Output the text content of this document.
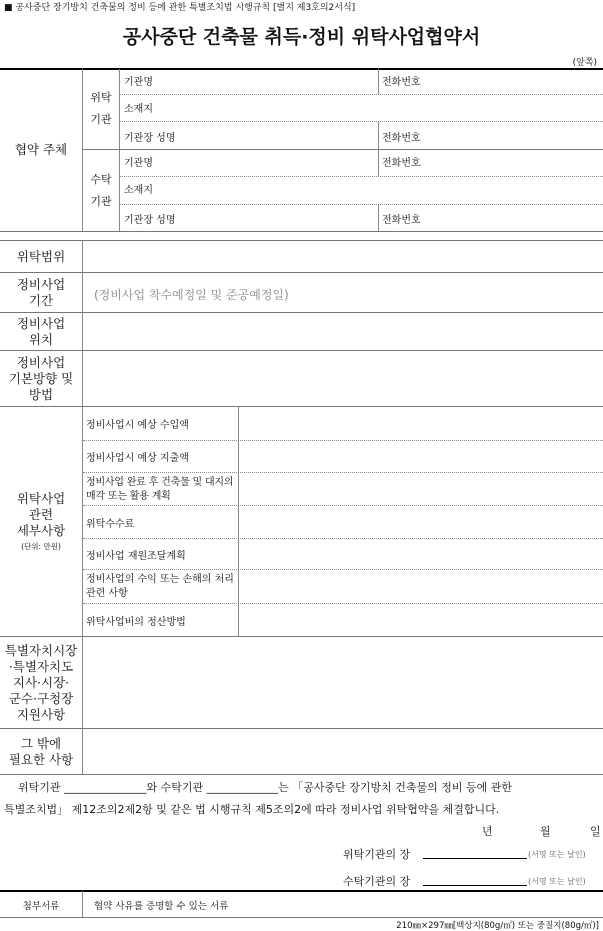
■ 공사중단 장기방치 건축물의 정비 등에 관한 특별조치법 시행규칙 [별지 제3호의2서식]
공사중단 건축물 취득·정비 위탁사업협약서
(앞쪽)
협약 주체
위탁
기관
기관명	전화번호
소재지
기관장 성명	전화번호
수탁
기관
기관명	전화번호
소재지
기관장 성명	전화번호
위탁범위
정비사업
기간	(정비사업 착수예정일 및 준공예정일)
정비사업
위치
정비사업
기본방향 및
방법
위탁사업
관련
세부사항
(단위: 만원)
정비사업시 예상 수입액
정비사업시 예상 지출액
정비사업 완료 후 건축물 및 대지의 매각 또는 활용 계획
위탁수수료
정비사업 재원조달계획
정비사업의 수익 또는 손해의 처리 관련 사항
위탁사업비의 정산방법
특별자치시장
·특별자치도
지사·시장·
군수·구청장
지원사항
그 밖에
필요한 사항
위탁기관 _______________와 수탁기관 _____________는 「공사중단 장기방치 건축물의 정비 등에 관한
특별조치법」 제12조의2제2항 및 같은 법 시행규칙 제5조의2에 따라 정비사업 위탁협약을 체결합니다.
년	월	일
위탁기관의 장	(서명 또는 날인)
수탁기관의 장	(서명 또는 날인)
첨부서류	협약 사유를 증명할 수 있는 서류
210㎜×297㎜[백상지(80g/㎡) 또는 중질지(80g/㎡)]
